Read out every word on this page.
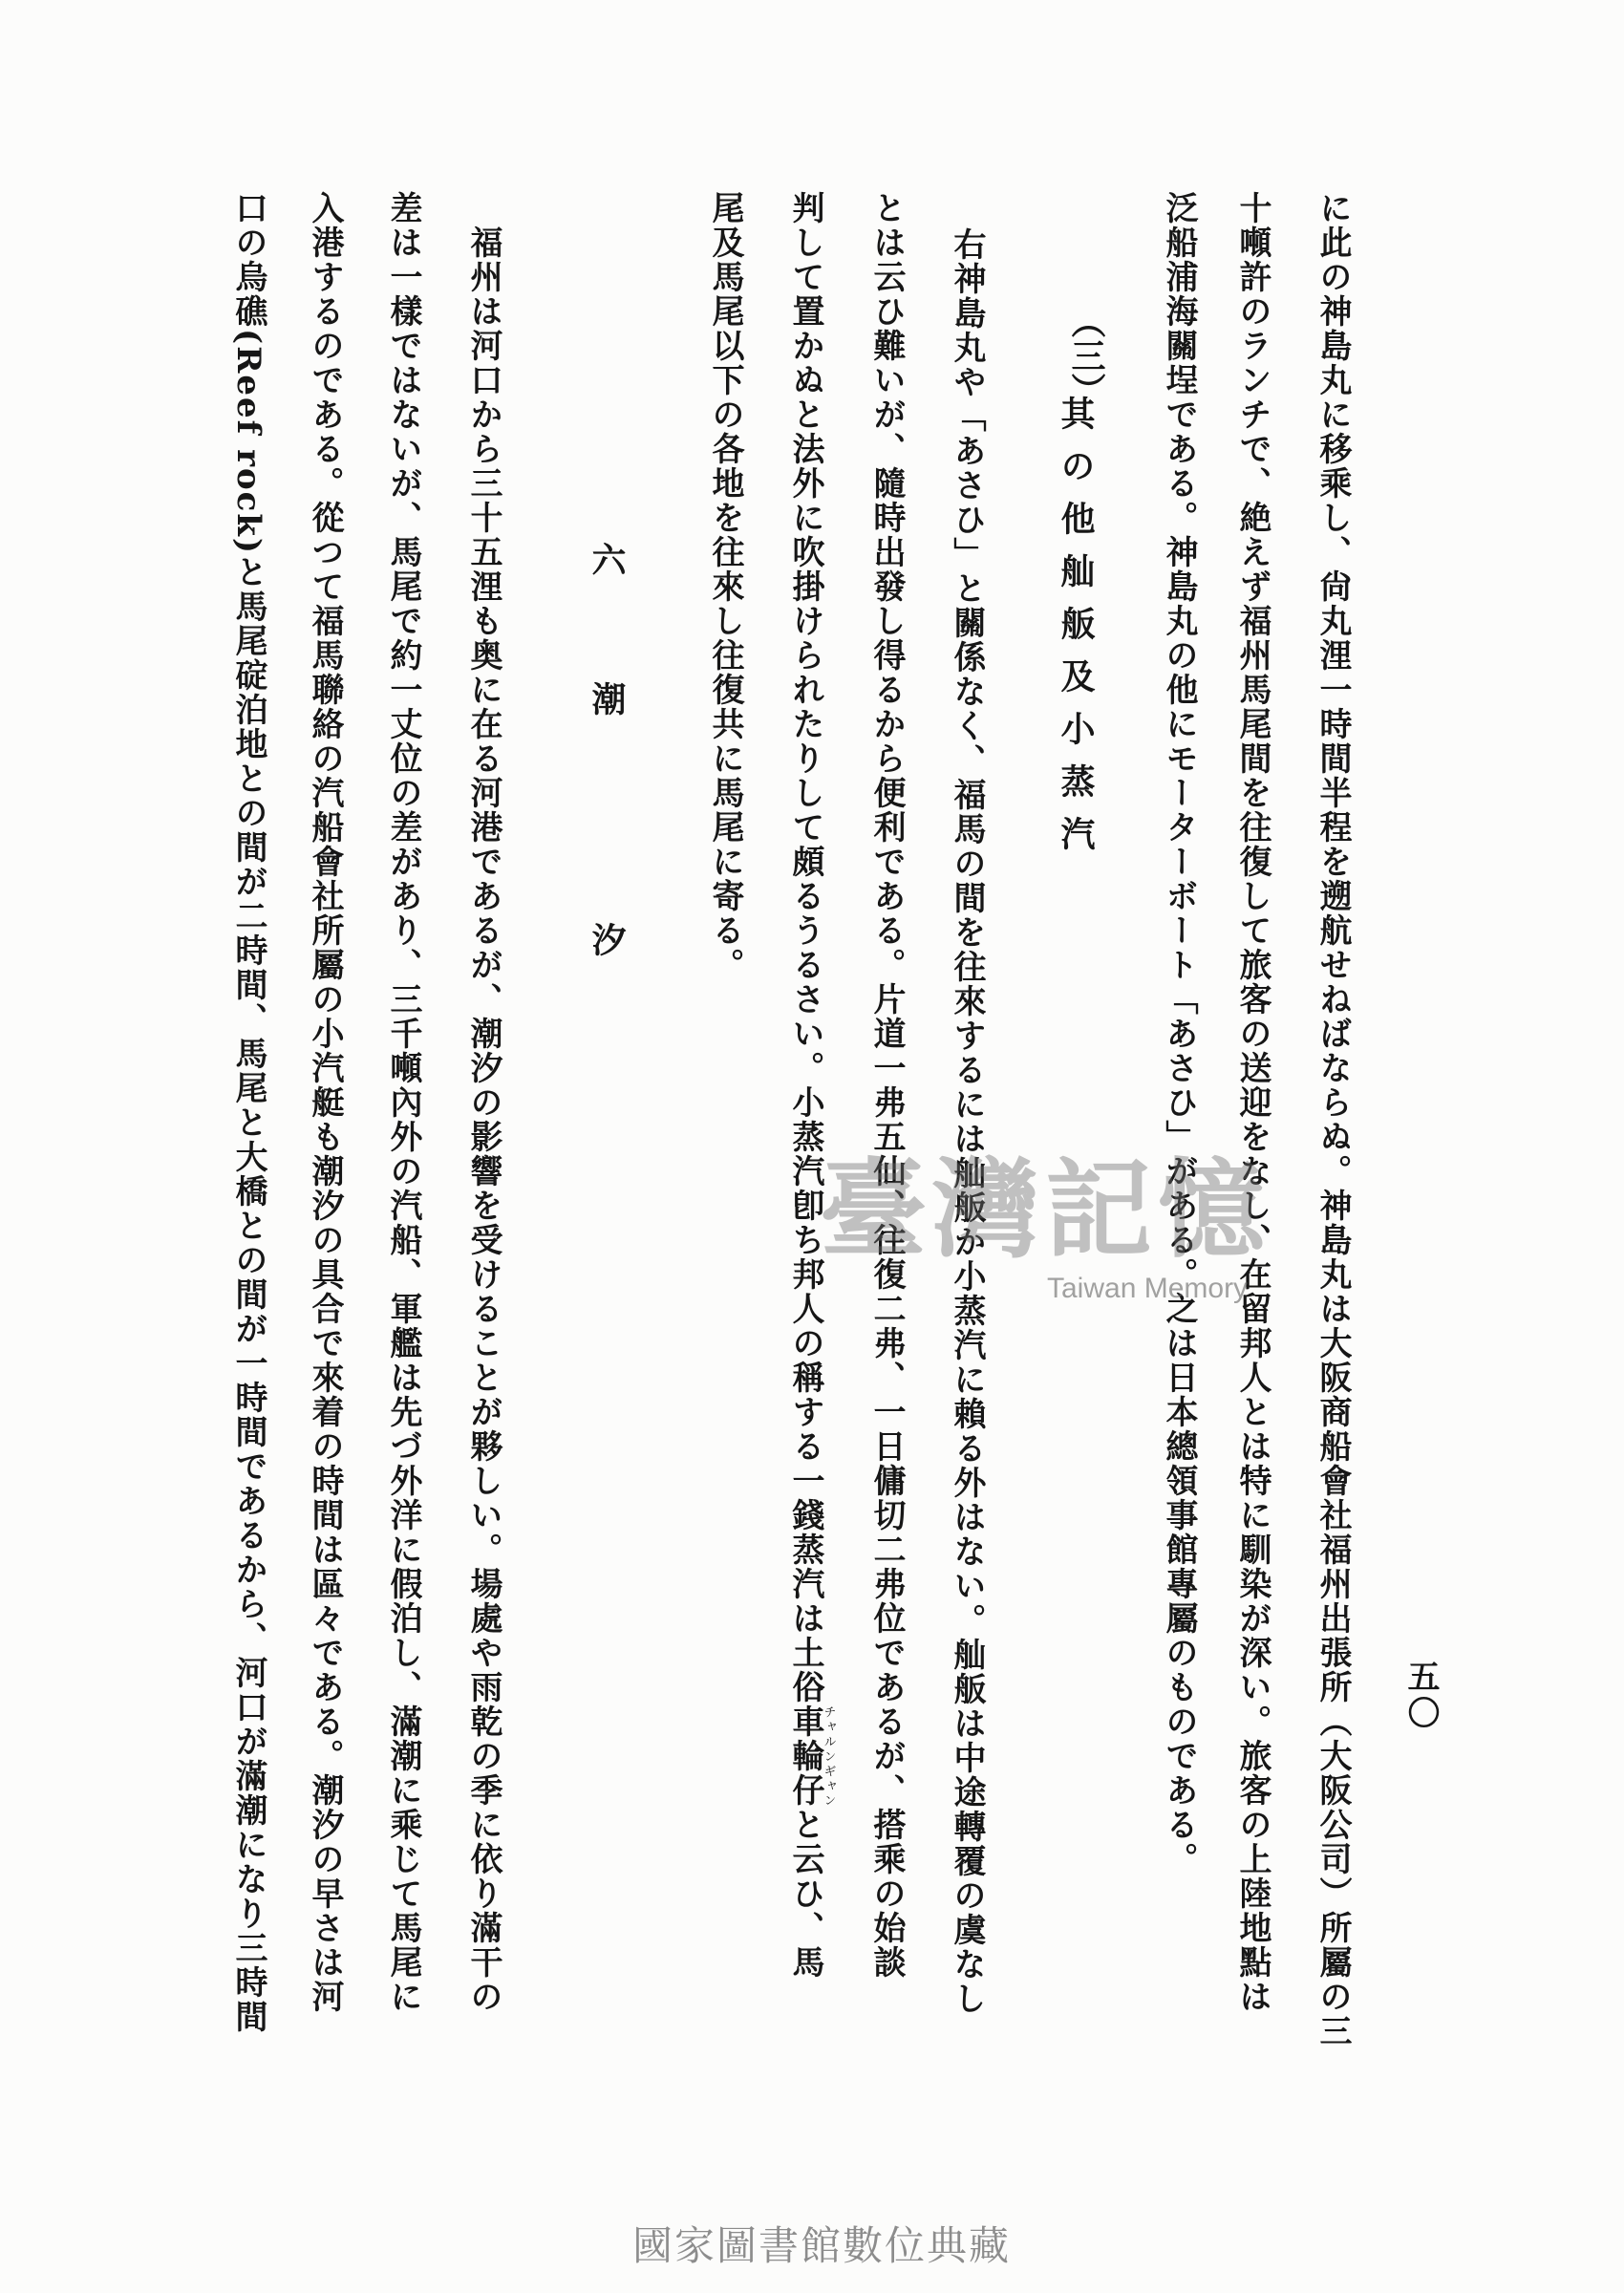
五〇
に此の神島丸に移乘し、尙丸浬一時間半程を遡航せねばならぬ。神島丸は大阪商船會社福州出張所（大阪公司）所屬の三
十噸許のランチで、絶えず福州馬尾間を往復して旅客の送迎をなし、在留邦人とは特に馴染が深い。旅客の上陸地點は
泛船浦海關埕である。神島丸の他にモーターボート「あさひ」がある。之は日本總領事館專屬のものである。
（三）
其の他舢舨及小蒸汽
右神島丸や「あさひ」と關係なく、福馬の間を往來するには舢舨か小蒸汽に賴る外はない。舢舨は中途轉覆の虞なし
とは云ひ難いが、隨時出發し得るから便利である。片道一弗五仙、往復二弗、一日傭切二弗位であるが、搭乘の始談
判して置かぬと法外に吹掛けられたりして頗るうるさい。小蒸汽卽ち邦人の稱する一錢蒸汽は土俗車輪仔チャルンギャンと云ひ、馬
尾及馬尾以下の各地を往來し往復共に馬尾に寄る。
六
潮　汐
福州は河口から三十五浬も奥に在る河港であるが、潮汐の影響を受けることが夥しい。場處や雨乾の季に依り滿干の
差は一樣ではないが、馬尾で約一丈位の差があり、三千噸內外の汽船、軍艦は先づ外洋に假泊し、滿潮に乘じて馬尾に
入港するのである。從つて福馬聯絡の汽船會社所屬の小汽艇も潮汐の具合で來着の時間は區々である。潮汐の早さは河
口の烏礁(Reef rock)と馬尾碇泊地との間が二時間、馬尾と大橋との間が一時間であるから、河口が滿潮になり三時間	臺灣記憶
Taiwan Memory
國家圖書館數位典藏
